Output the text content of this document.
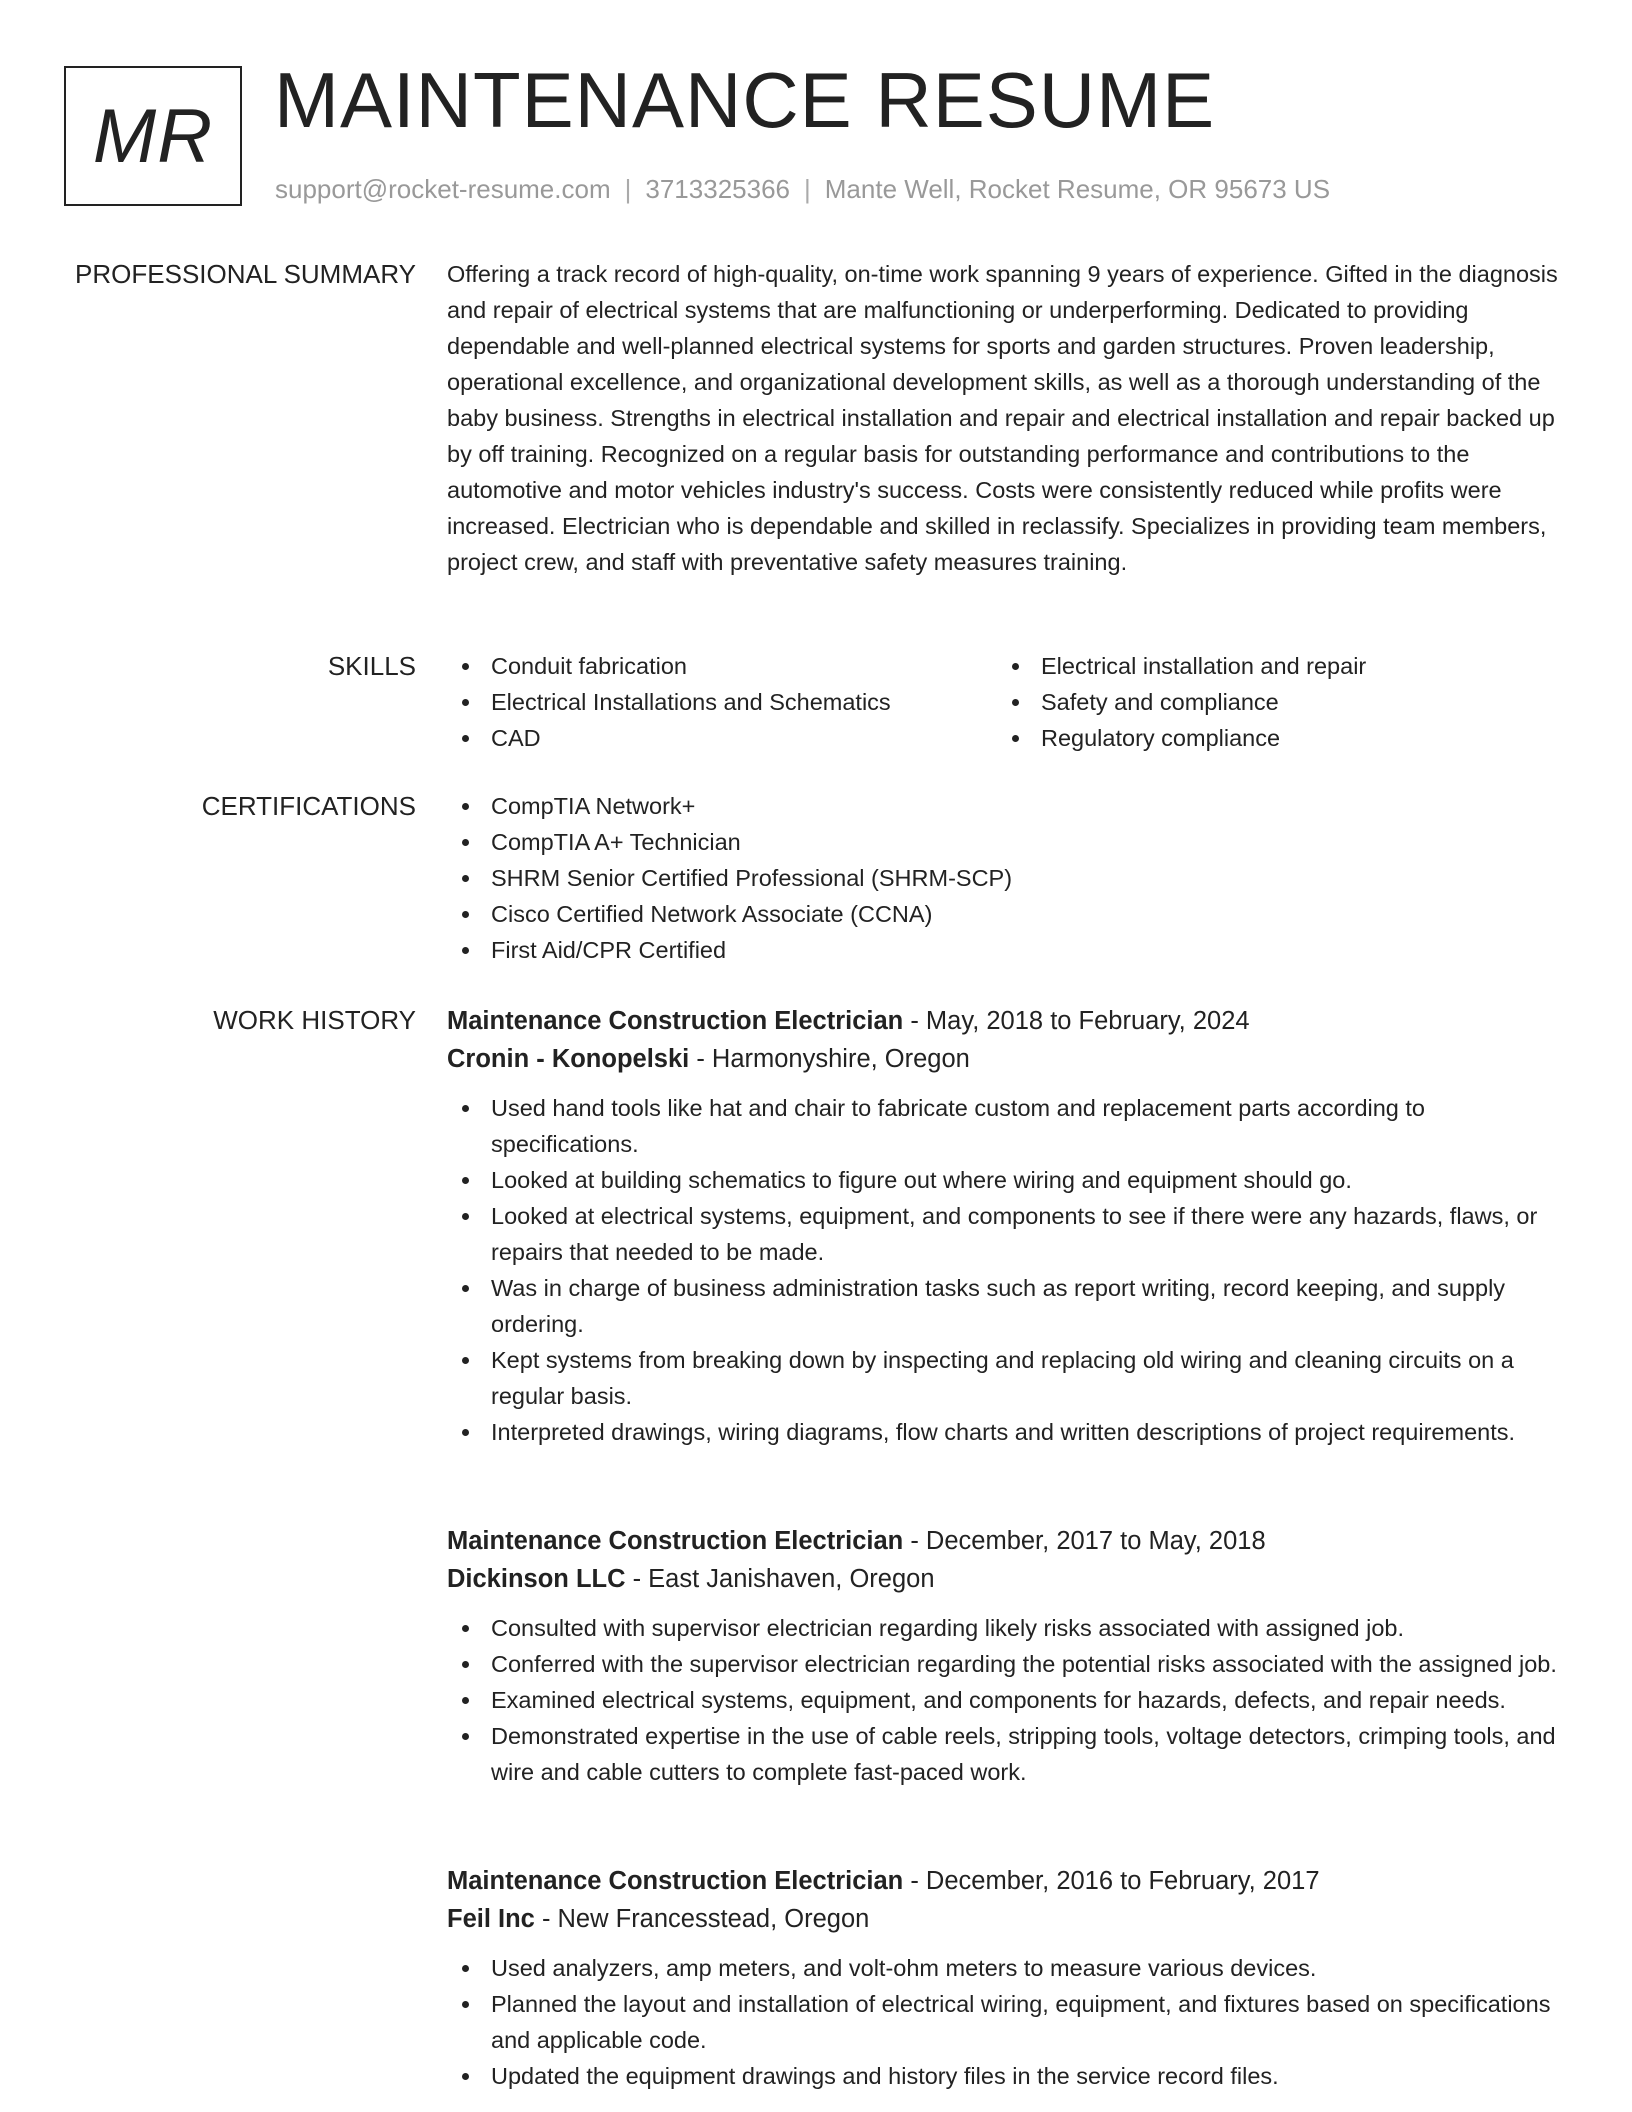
MR MAINTENANCE RESUME
support@rocket-resume.com | 3713325366 | Mante Well, Rocket Resume, OR 95673 US
PROFESSIONAL SUMMARY Offering a track record of high-quality, on-time work spanning 9 years of experience. Gifted in the diagnosis and repair of electrical systems that are malfunctioning or underperforming. Dedicated to providing dependable and well-planned electrical systems for sports and garden structures. Proven leadership, operational excellence, and organizational development skills, as well as a thorough understanding of the baby business. Strengths in electrical installation and repair and electrical installation and repair backed up by off training. Recognized on a regular basis for outstanding performance and contributions to the automotive and motor vehicles industry's success. Costs were consistently reduced while profits were increased. Electrician who is dependable and skilled in reclassify. Specializes in providing team members, project crew, and staff with preventative safety measures training.
SKILLS	Conduit fabrication
Electrical Installations and Schematics
CAD
Electrical installation and repair
Safety and compliance
Regulatory compliance
CERTIFICATIONS	CompTIA Network+
CompTIA A+ Technician
SHRM Senior Certified Professional (SHRM-SCP)
Cisco Certified Network Associate (CCNA)
First Aid/CPR Certified
WORK HISTORY Maintenance Construction Electrician - May, 2018 to February, 2024
Cronin - Konopelski - Harmonyshire, Oregon
Used hand tools like hat and chair to fabricate custom and replacement parts according to specifications.
Looked at building schematics to figure out where wiring and equipment should go.
Looked at electrical systems, equipment, and components to see if there were any hazards, flaws, or repairs that needed to be made.
Was in charge of business administration tasks such as report writing, record keeping, and supply ordering.
Kept systems from breaking down by inspecting and replacing old wiring and cleaning circuits on a regular basis.
Interpreted drawings, wiring diagrams, flow charts and written descriptions of project requirements.
Maintenance Construction Electrician - December, 2017 to May, 2018
Dickinson LLC - East Janishaven, Oregon
Consulted with supervisor electrician regarding likely risks associated with assigned job.
Conferred with the supervisor electrician regarding the potential risks associated with the assigned job.
Examined electrical systems, equipment, and components for hazards, defects, and repair needs.
Demonstrated expertise in the use of cable reels, stripping tools, voltage detectors, crimping tools, and wire and cable cutters to complete fast-paced work.
Maintenance Construction Electrician - December, 2016 to February, 2017
Feil Inc - New Francesstead, Oregon
Used analyzers, amp meters, and volt-ohm meters to measure various devices.
Planned the layout and installation of electrical wiring, equipment, and fixtures based on specifications and applicable code.
Updated the equipment drawings and history files in the service record files.
